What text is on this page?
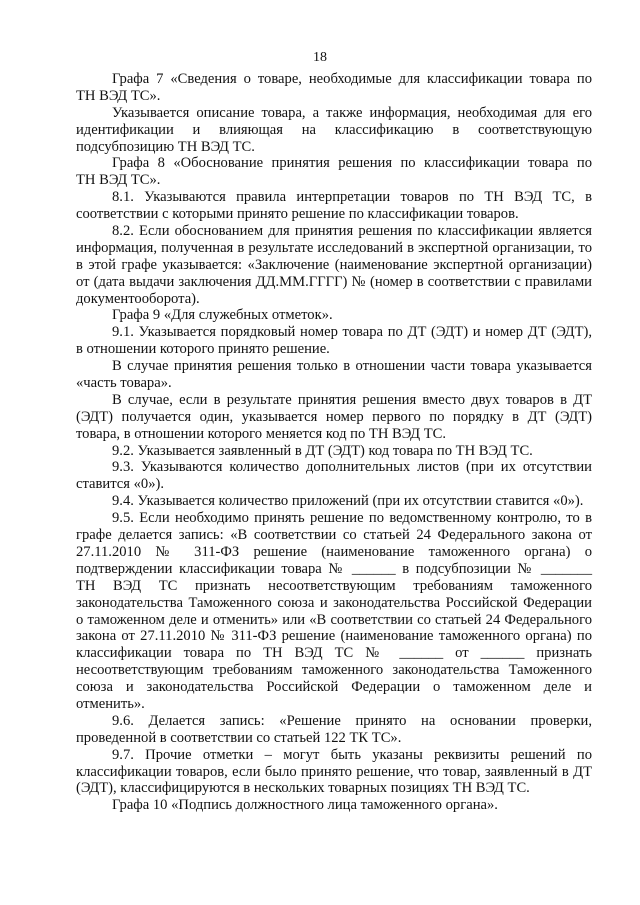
18
Графа 7 «Сведения о товаре, необходимые для классификации товара по
ТН ВЭД ТС».
Указывается описание товара, а также информация, необходимая для его
идентификации и влияющая на классификацию в соответствующую
подсубпозицию ТН ВЭД ТС.
Графа 8 «Обоснование принятия решения по классификации товара по
ТН ВЭД ТС».
8.1. Указываются правила интерпретации товаров по ТН ВЭД ТС, в
соответствии с которыми принято решение по классификации товаров.
8.2. Если обоснованием для принятия решения по классификации является
информация, полученная в результате исследований в экспертной организации, то
в этой графе указывается: «Заключение (наименование экспертной организации)
от (дата выдачи заключения ДД.ММ.ГГГГ) № (номер в соответствии с правилами
документооборота).
Графа 9 «Для служебных отметок».
9.1. Указывается порядковый номер товара по ДТ (ЭДТ) и номер ДТ (ЭДТ),
в отношении которого принято решение.
В случае принятия решения только в отношении части товара указывается
«часть товара».
В случае, если в результате принятия решения вместо двух товаров в ДТ
(ЭДТ) получается один, указывается номер первого по порядку в ДТ (ЭДТ)
товара, в отношении которого меняется код по ТН ВЭД ТС.
9.2. Указывается заявленный в ДТ (ЭДТ) код товара по ТН ВЭД ТС.
9.3. Указываются количество дополнительных листов (при их отсутствии
ставится «0»).
9.4. Указывается количество приложений (при их отсутствии ставится «0»).
9.5. Если необходимо принять решение по ведомственному контролю, то в
графе делается запись: «В соответствии со статьей 24 Федерального закона от
27.11.2010 № 311-ФЗ решение (наименование таможенного органа) о
подтверждении классификации товара № ______ в подсубпозиции № _______
ТН ВЭД ТС признать несоответствующим требованиям таможенного
законодательства Таможенного союза и законодательства Российской Федерации
о таможенном деле и отменить» или «В соответствии со статьей 24 Федерального
закона от 27.11.2010 № 311-ФЗ решение (наименование таможенного органа) по
классификации товара по ТН ВЭД ТС № ______ от ______ признать
несоответствующим требованиям таможенного законодательства Таможенного
союза и законодательства Российской Федерации о таможенном деле и
отменить».
9.6. Делается запись: «Решение принято на основании проверки,
проведенной в соответствии со статьей 122 ТК ТС».
9.7. Прочие отметки – могут быть указаны реквизиты решений по
классификации товаров, если было принято решение, что товар, заявленный в ДТ
(ЭДТ), классифицируются в нескольких товарных позициях ТН ВЭД ТС.
Графа 10 «Подпись должностного лица таможенного органа».
